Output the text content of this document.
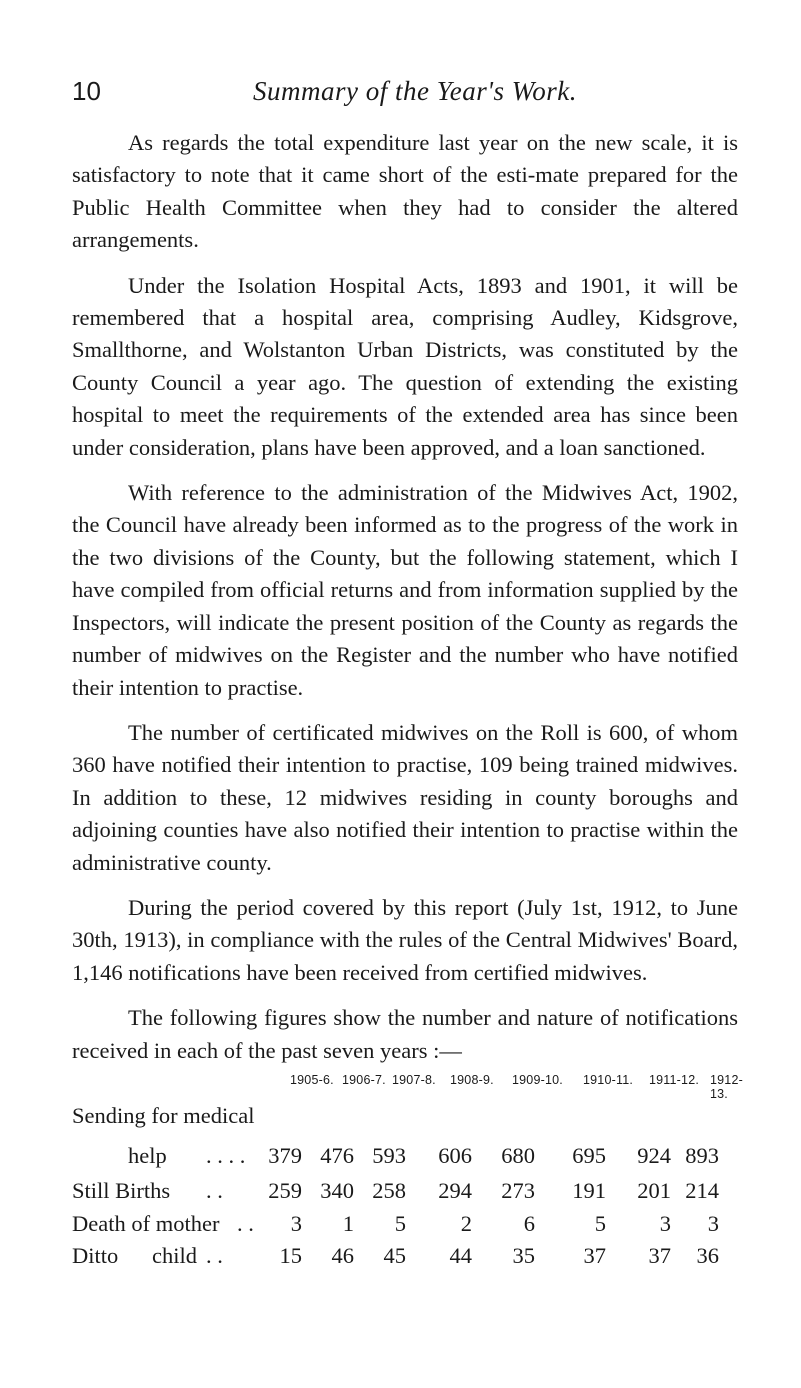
10	Summary of the Year's Work.

As regards the total expenditure last year on the new scale, it is satisfactory to note that it came short of the esti-mate prepared for the Public Health Committee when they had to consider the altered arrangements.

Under the Isolation Hospital Acts, 1893 and 1901, it will be remembered that a hospital area, comprising Audley, Kidsgrove, Smallthorne, and Wolstanton Urban Districts, was constituted by the County Council a year ago. The question of extending the existing hospital to meet the requirements of the extended area has since been under consideration, plans have been approved, and a loan sanctioned.

With reference to the administration of the Midwives Act, 1902, the Council have already been informed as to the progress of the work in the two divisions of the County, but the following statement, which I have compiled from official returns and from information supplied by the Inspectors, will indicate the present position of the County as regards the number of midwives on the Register and the number who have notified their intention to practise.

The number of certificated midwives on the Roll is 600, of whom 360 have notified their intention to practise, 109 being trained midwives. In addition to these, 12 midwives residing in county boroughs and adjoining counties have also notified their intention to practise within the administrative county.

During the period covered by this report (July 1st, 1912, to June 30th, 1913), in compliance with the rules of the Central Midwives' Board, 1,146 notifications have been received from certified midwives.

The following figures show the number and nature of notifications received in each of the past seven years :—

1905-6. 1906-7. 1907-8. 1908-9. 1909-10. 1910-11. 1911-12. 1912-13.
Sending for medical
help . . . .	379 476 593	606	680	695	924 893
Still Births . .	259 340 258	294	273	191	201 214
Death of mother . .	3	1	5	2	6	5	3	3
Ditto      child . .	15	46	45	44	35	37	37	36
